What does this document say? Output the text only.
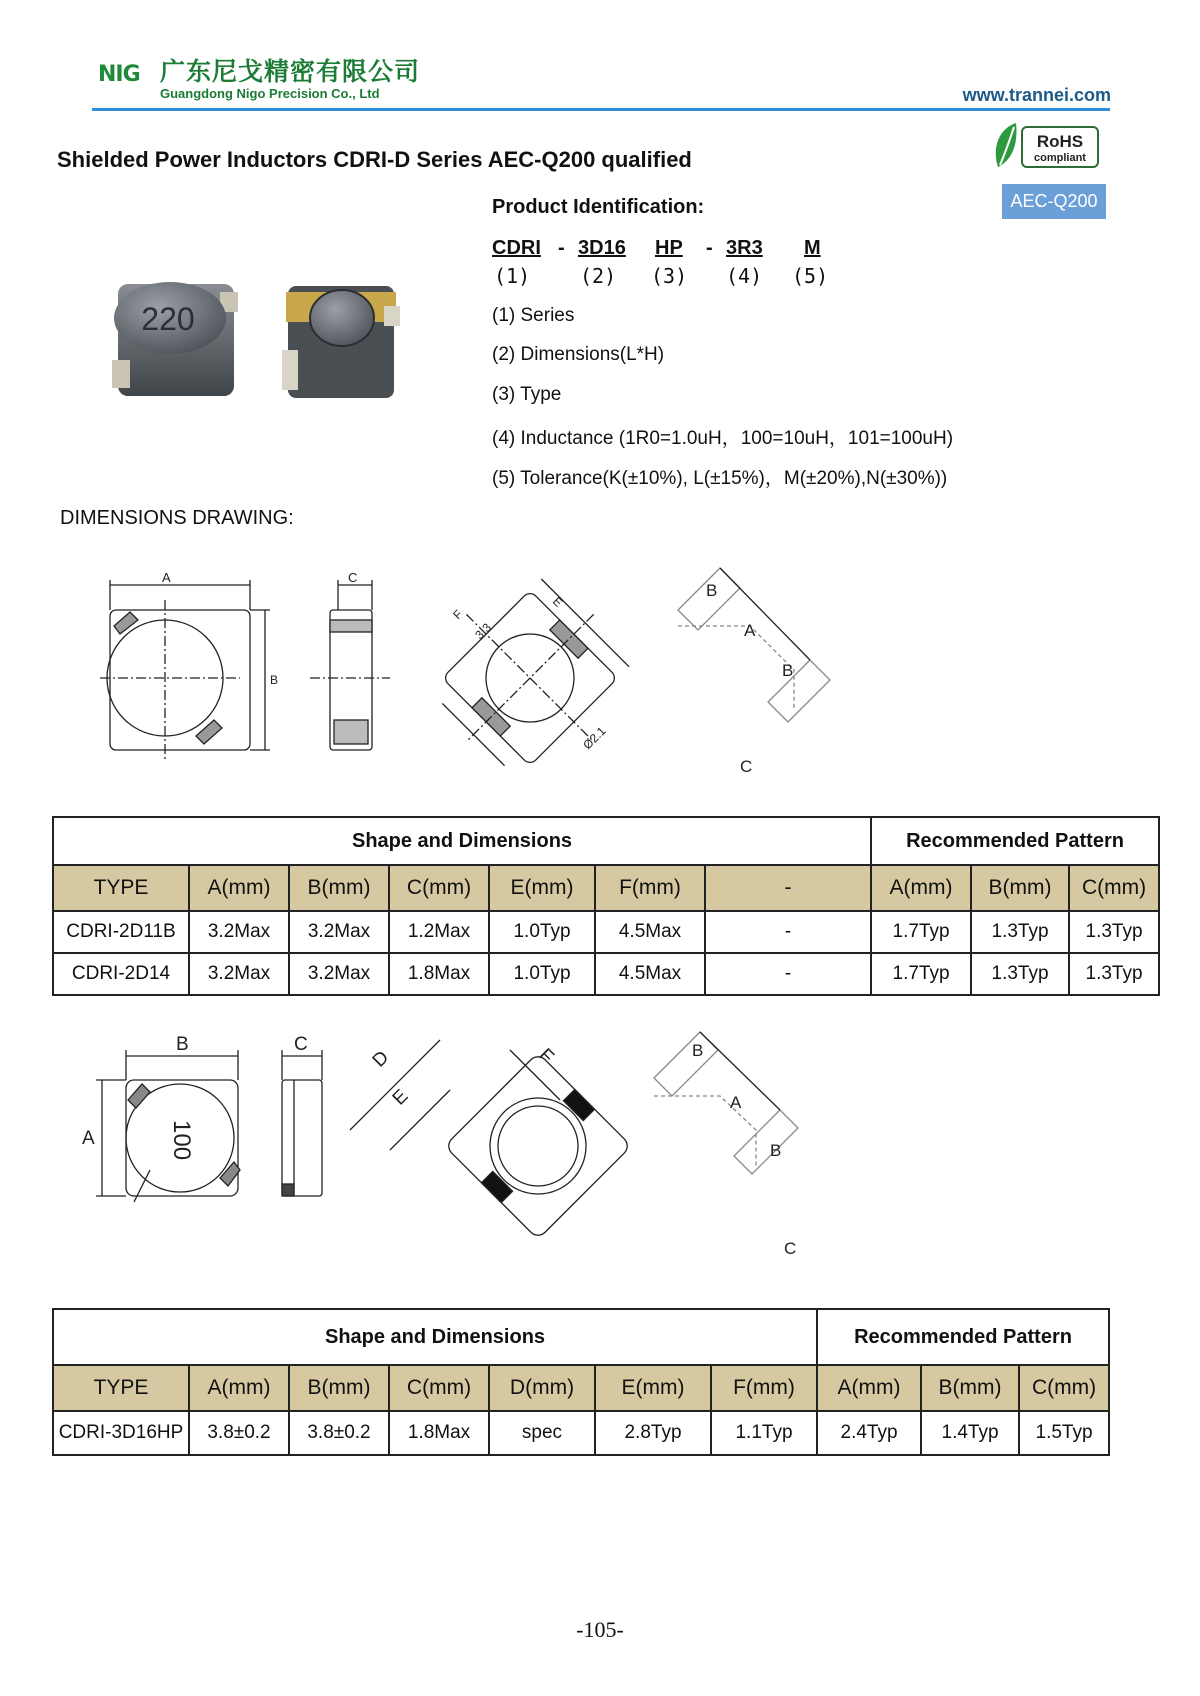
NIG 广东尼戈精密有限公司
Guangdong Nigo Precision Co., Ltd	www.trannei.com
Shielded Power Inductors CDRI-D Series AEC-Q200 qualified
RoHS
compliant
AEC-Q200
220
Product Identification:
CDRI - 3D16 HP - 3R3 M
(1) (2) (3) (4) (5)
(1) Series
(2) Dimensions(L*H)
(3) Type
(4) Inductance (1R0=1.0uH，100=10uH，101=100uH)
(5) Tolerance(K(±10%), L(±15%)，M(±20%),N(±30%))
DIMENSIONS DRAWING:
A
B
C
F
3.3
E
Ø2.1
B
A
B
C
Shape and Dimensions							Recommended Pattern		
TYPE	A(mm)	B(mm)	C(mm)	E(mm)	F(mm)	-	A(mm)	B(mm)	C(mm)
CDRI-2D11B	3.2Max	3.2Max	1.2Max	1.0Typ	4.5Max	-	1.7Typ	1.3Typ	1.3Typ
CDRI-2D14	3.2Max	3.2Max	1.8Max	1.0Typ	4.5Max	-	1.7Typ	1.3Typ	1.3Typ
B
100
A
C
D
E
F	B
A
B
C
Shape and Dimensions							Recommended Pattern		
TYPE	A(mm)	B(mm)	C(mm)	D(mm)	E(mm)	F(mm)	A(mm)	B(mm)	C(mm)
CDRI-3D16HP	3.8±0.2	3.8±0.2	1.8Max	spec	2.8Typ	1.1Typ	2.4Typ	1.4Typ	1.5Typ
-105-
